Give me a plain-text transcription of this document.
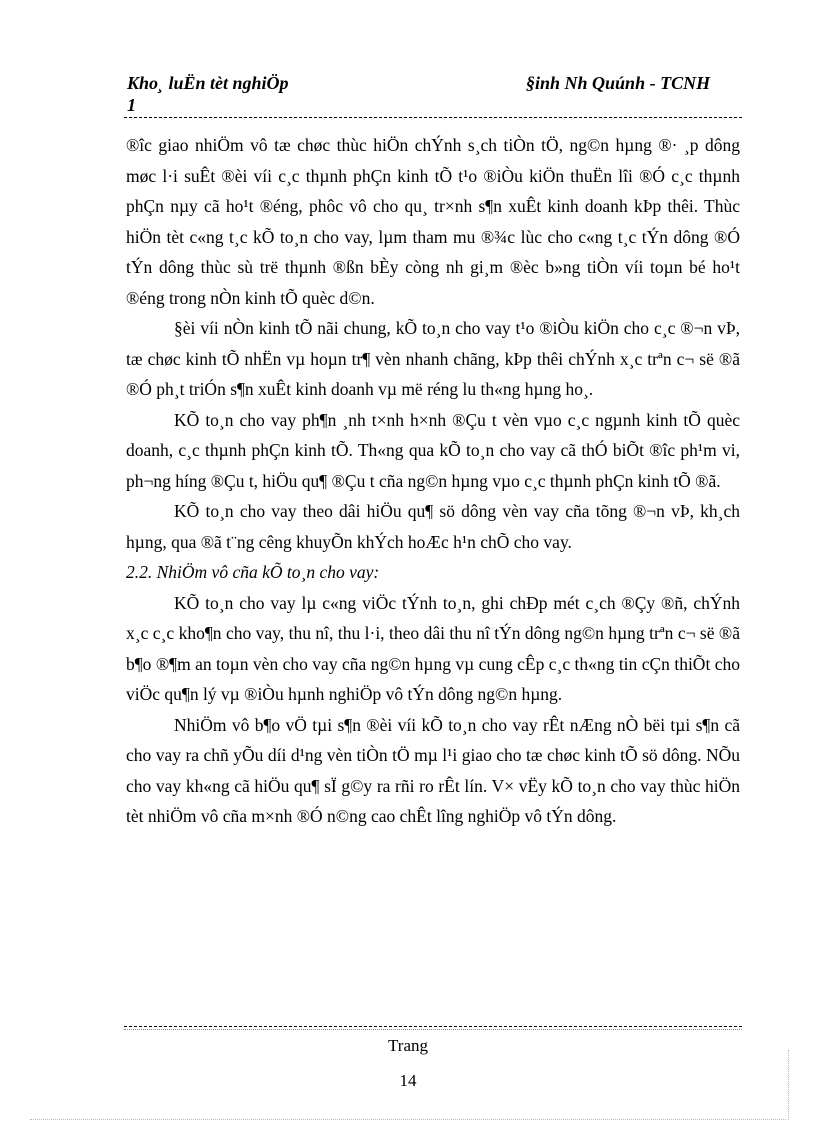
Kho¸ luËn tèt nghiÖp
1
§inh Nh Quúnh - TCNH

®îc giao nhiÖm vô tæ chøc thùc hiÖn chÝnh s¸ch tiÒn tÖ, ng©n hµng ®· ¸p dông møc l·i suÊt ®èi víi c¸c thµnh phÇn kinh tÕ t¹o ®iÒu kiÖn thuËn lîi ®Ó c¸c thµnh phÇn nµy cã ho¹t ®éng, phôc vô cho qu¸ tr×nh s¶n xuÊt kinh doanh kÞp thêi. Thùc hiÖn tèt c«ng t¸c kÕ to¸n cho vay, lµm tham mu ®¾c lùc cho c«ng t¸c tÝn dông ®Ó tÝn dông thùc sù trë thµnh ®ßn bÈy còng nh gi¸m ®èc b»ng tiÒn víi toµn bé ho¹t ®éng trong nÒn kinh tÕ quèc d©n.

§èi víi nÒn kinh tÕ nãi chung, kÕ to¸n cho vay t¹o ®iÒu kiÖn cho c¸c ®¬n vÞ, tæ chøc kinh tÕ nhËn vµ hoµn tr¶ vèn nhanh chãng, kÞp thêi chÝnh x¸c trªn c¬ së ®ã ®Ó ph¸t triÓn s¶n xuÊt kinh doanh vµ më réng lu th«ng hµng ho¸.

KÕ to¸n cho vay ph¶n ¸nh t×nh h×nh ®Çu t vèn vµo c¸c ngµnh kinh tÕ quèc doanh, c¸c thµnh phÇn kinh tÕ. Th«ng qua kÕ to¸n cho vay cã thÓ biÕt ®îc ph¹m vi, ph¬ng híng ®Çu t, hiÖu qu¶ ®Çu t cña ng©n hµng vµo c¸c thµnh phÇn kinh tÕ ®ã.

KÕ to¸n cho vay theo dâi hiÖu qu¶ sö dông vèn vay cña tõng ®¬n vÞ, kh¸ch hµng, qua ®ã t¨ng cêng khuyÕn khÝch hoÆc h¹n chÕ cho vay.

2.2. NhiÖm vô cña kÕ to¸n cho vay:

KÕ to¸n cho vay lµ c«ng viÖc tÝnh to¸n, ghi chÐp mét c¸ch ®Çy ®ñ, chÝnh x¸c c¸c kho¶n cho vay, thu nî, thu l·i, theo dâi thu nî tÝn dông ng©n hµng trªn c¬ së ®ã b¶o ®¶m an toµn vèn cho vay cña ng©n hµng vµ cung cÊp c¸c th«ng tin cÇn thiÕt cho viÖc qu¶n lý vµ ®iÒu hµnh nghiÖp vô tÝn dông ng©n hµng.

NhiÖm vô b¶o vÖ tµi s¶n ®èi víi kÕ to¸n cho vay rÊt nÆng nÒ bëi tµi s¶n cã cho vay ra chñ yÕu díi d¹ng vèn tiÒn tÖ mµ l¹i giao cho tæ chøc kinh tÕ sö dông. NÕu cho vay kh«ng cã hiÖu qu¶ sÏ g©y ra rñi ro rÊt lín. V× vËy kÕ to¸n cho vay thùc hiÖn tèt nhiÖm vô cña m×nh ®Ó n©ng cao chÊt lîng nghiÖp vô tÝn dông.

Trang
14
